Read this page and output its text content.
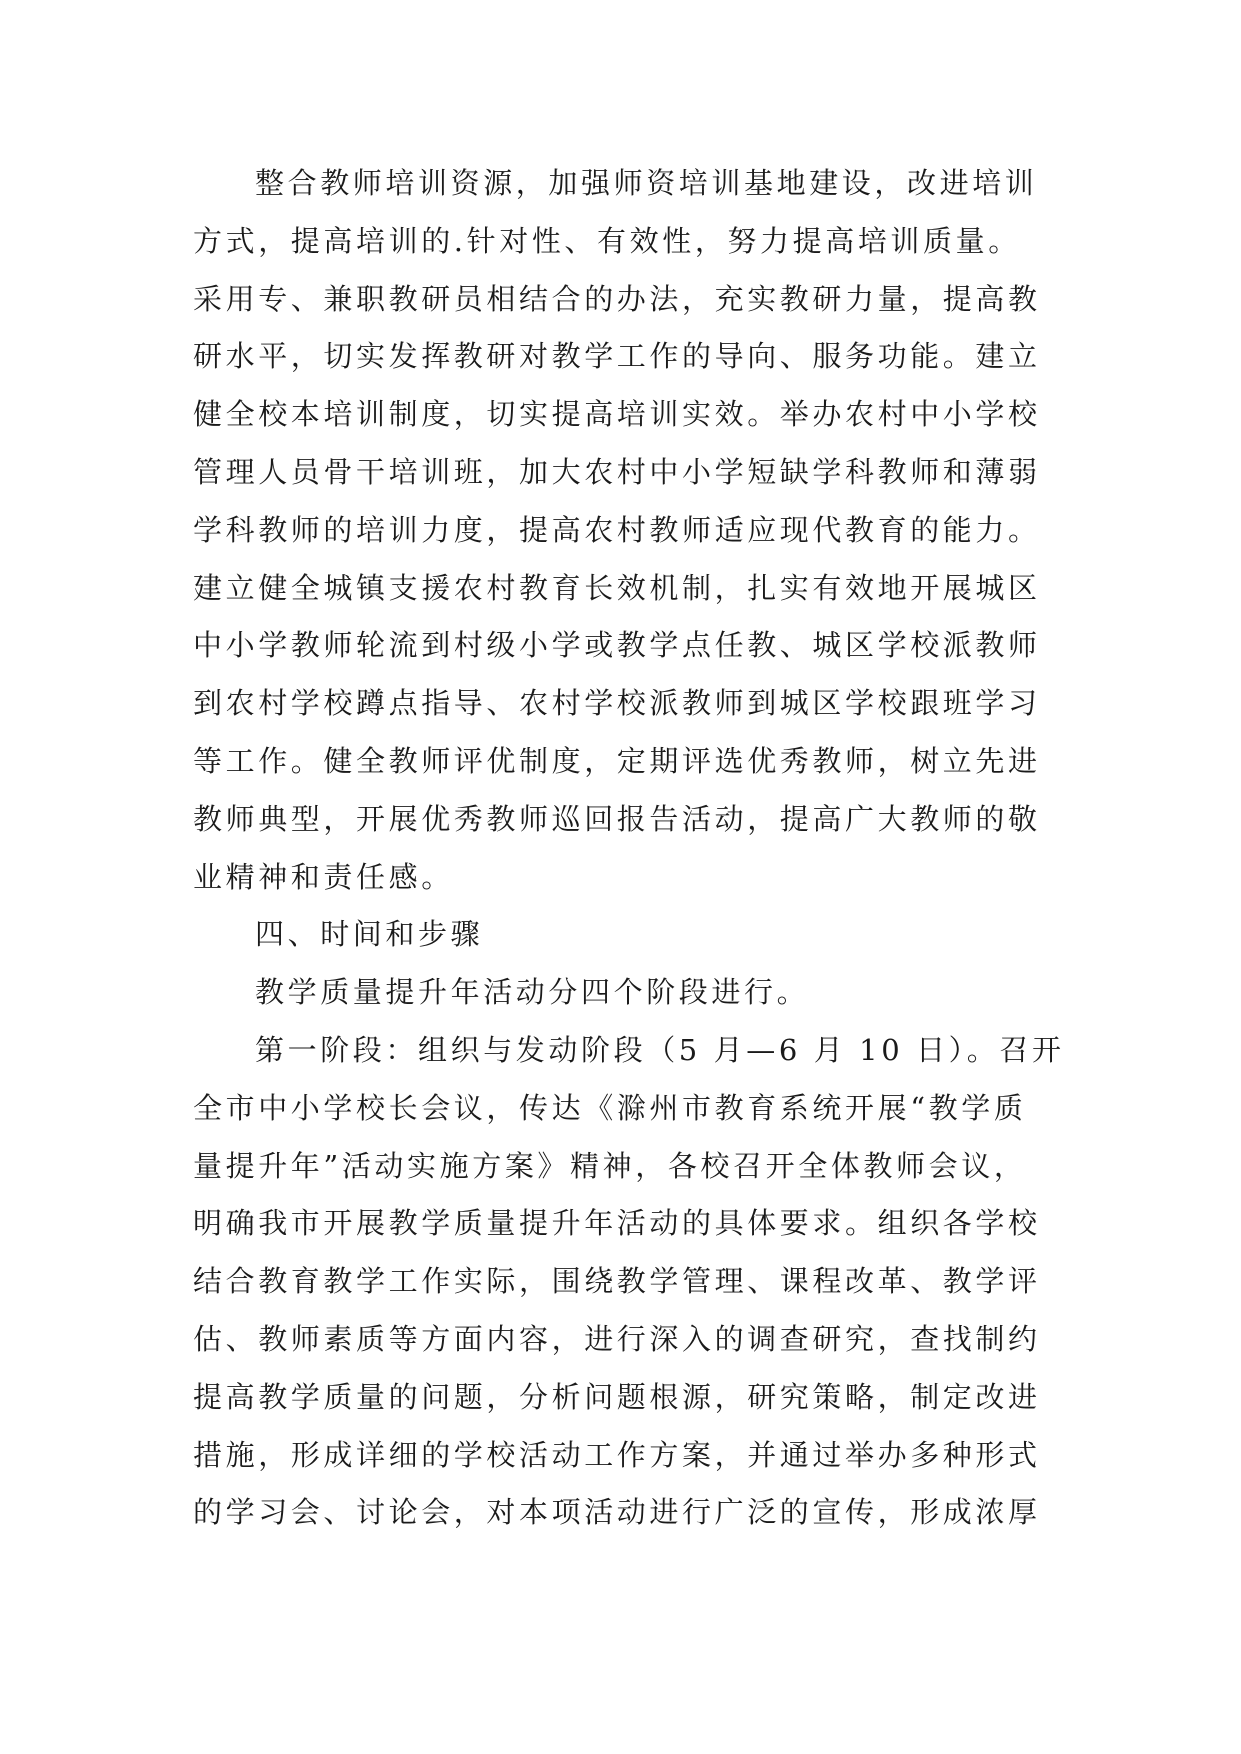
整合教师培训资源，加强师资培训基地建设，改进培训
方式，提高培训的.针对性、有效性，努力提高培训质量。
采用专、兼职教研员相结合的办法，充实教研力量，提高教
研水平，切实发挥教研对教学工作的导向、服务功能。建立
健全校本培训制度，切实提高培训实效。举办农村中小学校
管理人员骨干培训班，加大农村中小学短缺学科教师和薄弱
学科教师的培训力度，提高农村教师适应现代教育的能力。
建立健全城镇支援农村教育长效机制，扎实有效地开展城区
中小学教师轮流到村级小学或教学点任教、城区学校派教师
到农村学校蹲点指导、农村学校派教师到城区学校跟班学习
等工作。健全教师评优制度，定期评选优秀教师，树立先进
教师典型，开展优秀教师巡回报告活动，提高广大教师的敬
业精神和责任感。
四、时间和步骤
教学质量提升年活动分四个阶段进行。
第一阶段：组织与发动阶段（5 月—6 月 10 日）。召开
全市中小学校长会议，传达《滁州市教育系统开展“教学质
量提升年”活动实施方案》精神，各校召开全体教师会议，
明确我市开展教学质量提升年活动的具体要求。组织各学校
结合教育教学工作实际，围绕教学管理、课程改革、教学评
估、教师素质等方面内容，进行深入的调查研究，查找制约
提高教学质量的问题，分析问题根源，研究策略，制定改进
措施，形成详细的学校活动工作方案，并通过举办多种形式
的学习会、讨论会，对本项活动进行广泛的宣传，形成浓厚
